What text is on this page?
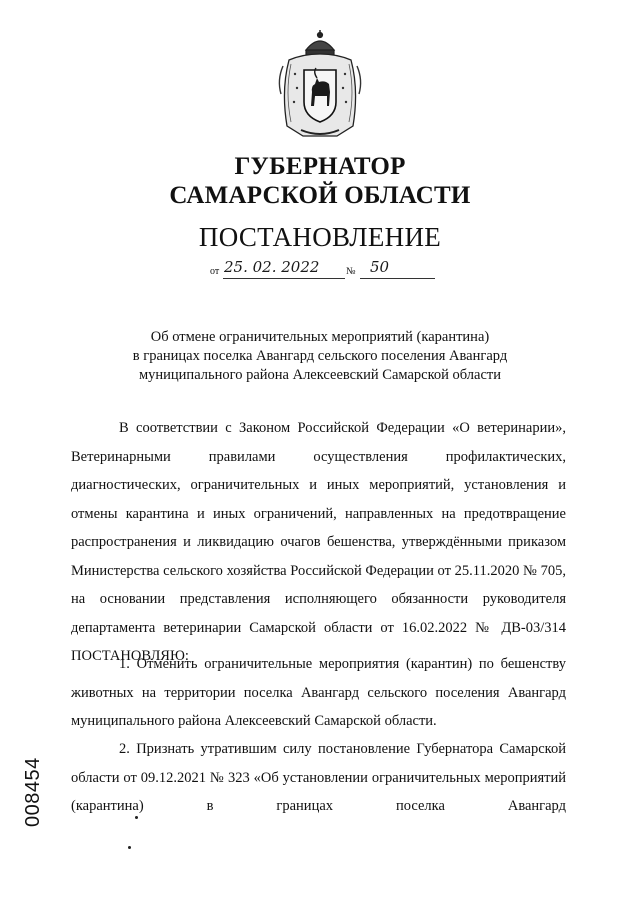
ГУБЕРНАТОР
САМАРСКОЙ ОБЛАСТИ
ПОСТАНОВЛЕНИЕ
от 25. 02. 2022	№ 50
Об отмене ограничительных мероприятий (карантина)
в границах поселка Авангард сельского поселения Авангард
муниципального района Алексеевский Самарской области
В соответствии с Законом Российской Федерации «О ветеринарии», Ветеринарными правилами осуществления профилактических, диагностических, ограничительных и иных мероприятий, установления и отмены карантина и иных ограничений, направленных на предотвращение распространения и ликвидацию очагов бешенства, утверждёнными приказом Министерства сельского хозяйства Российской Федерации от 25.11.2020 № 705, на основании представления исполняющего обязанности руководителя департамента ветеринарии Самарской области от 16.02.2022 № ДВ-03/314 ПОСТАНОВЛЯЮ:
1. Отменить ограничительные мероприятия (карантин) по бешенству животных на территории поселка Авангард сельского поселения Авангард муниципального района Алексеевский Самарской области.
2. Признать утратившим силу постановление Губернатора Самарской области от 09.12.2021 № 323 «Об установлении ограничительных мероприятий (карантина) в границах поселка Авангард
008454
